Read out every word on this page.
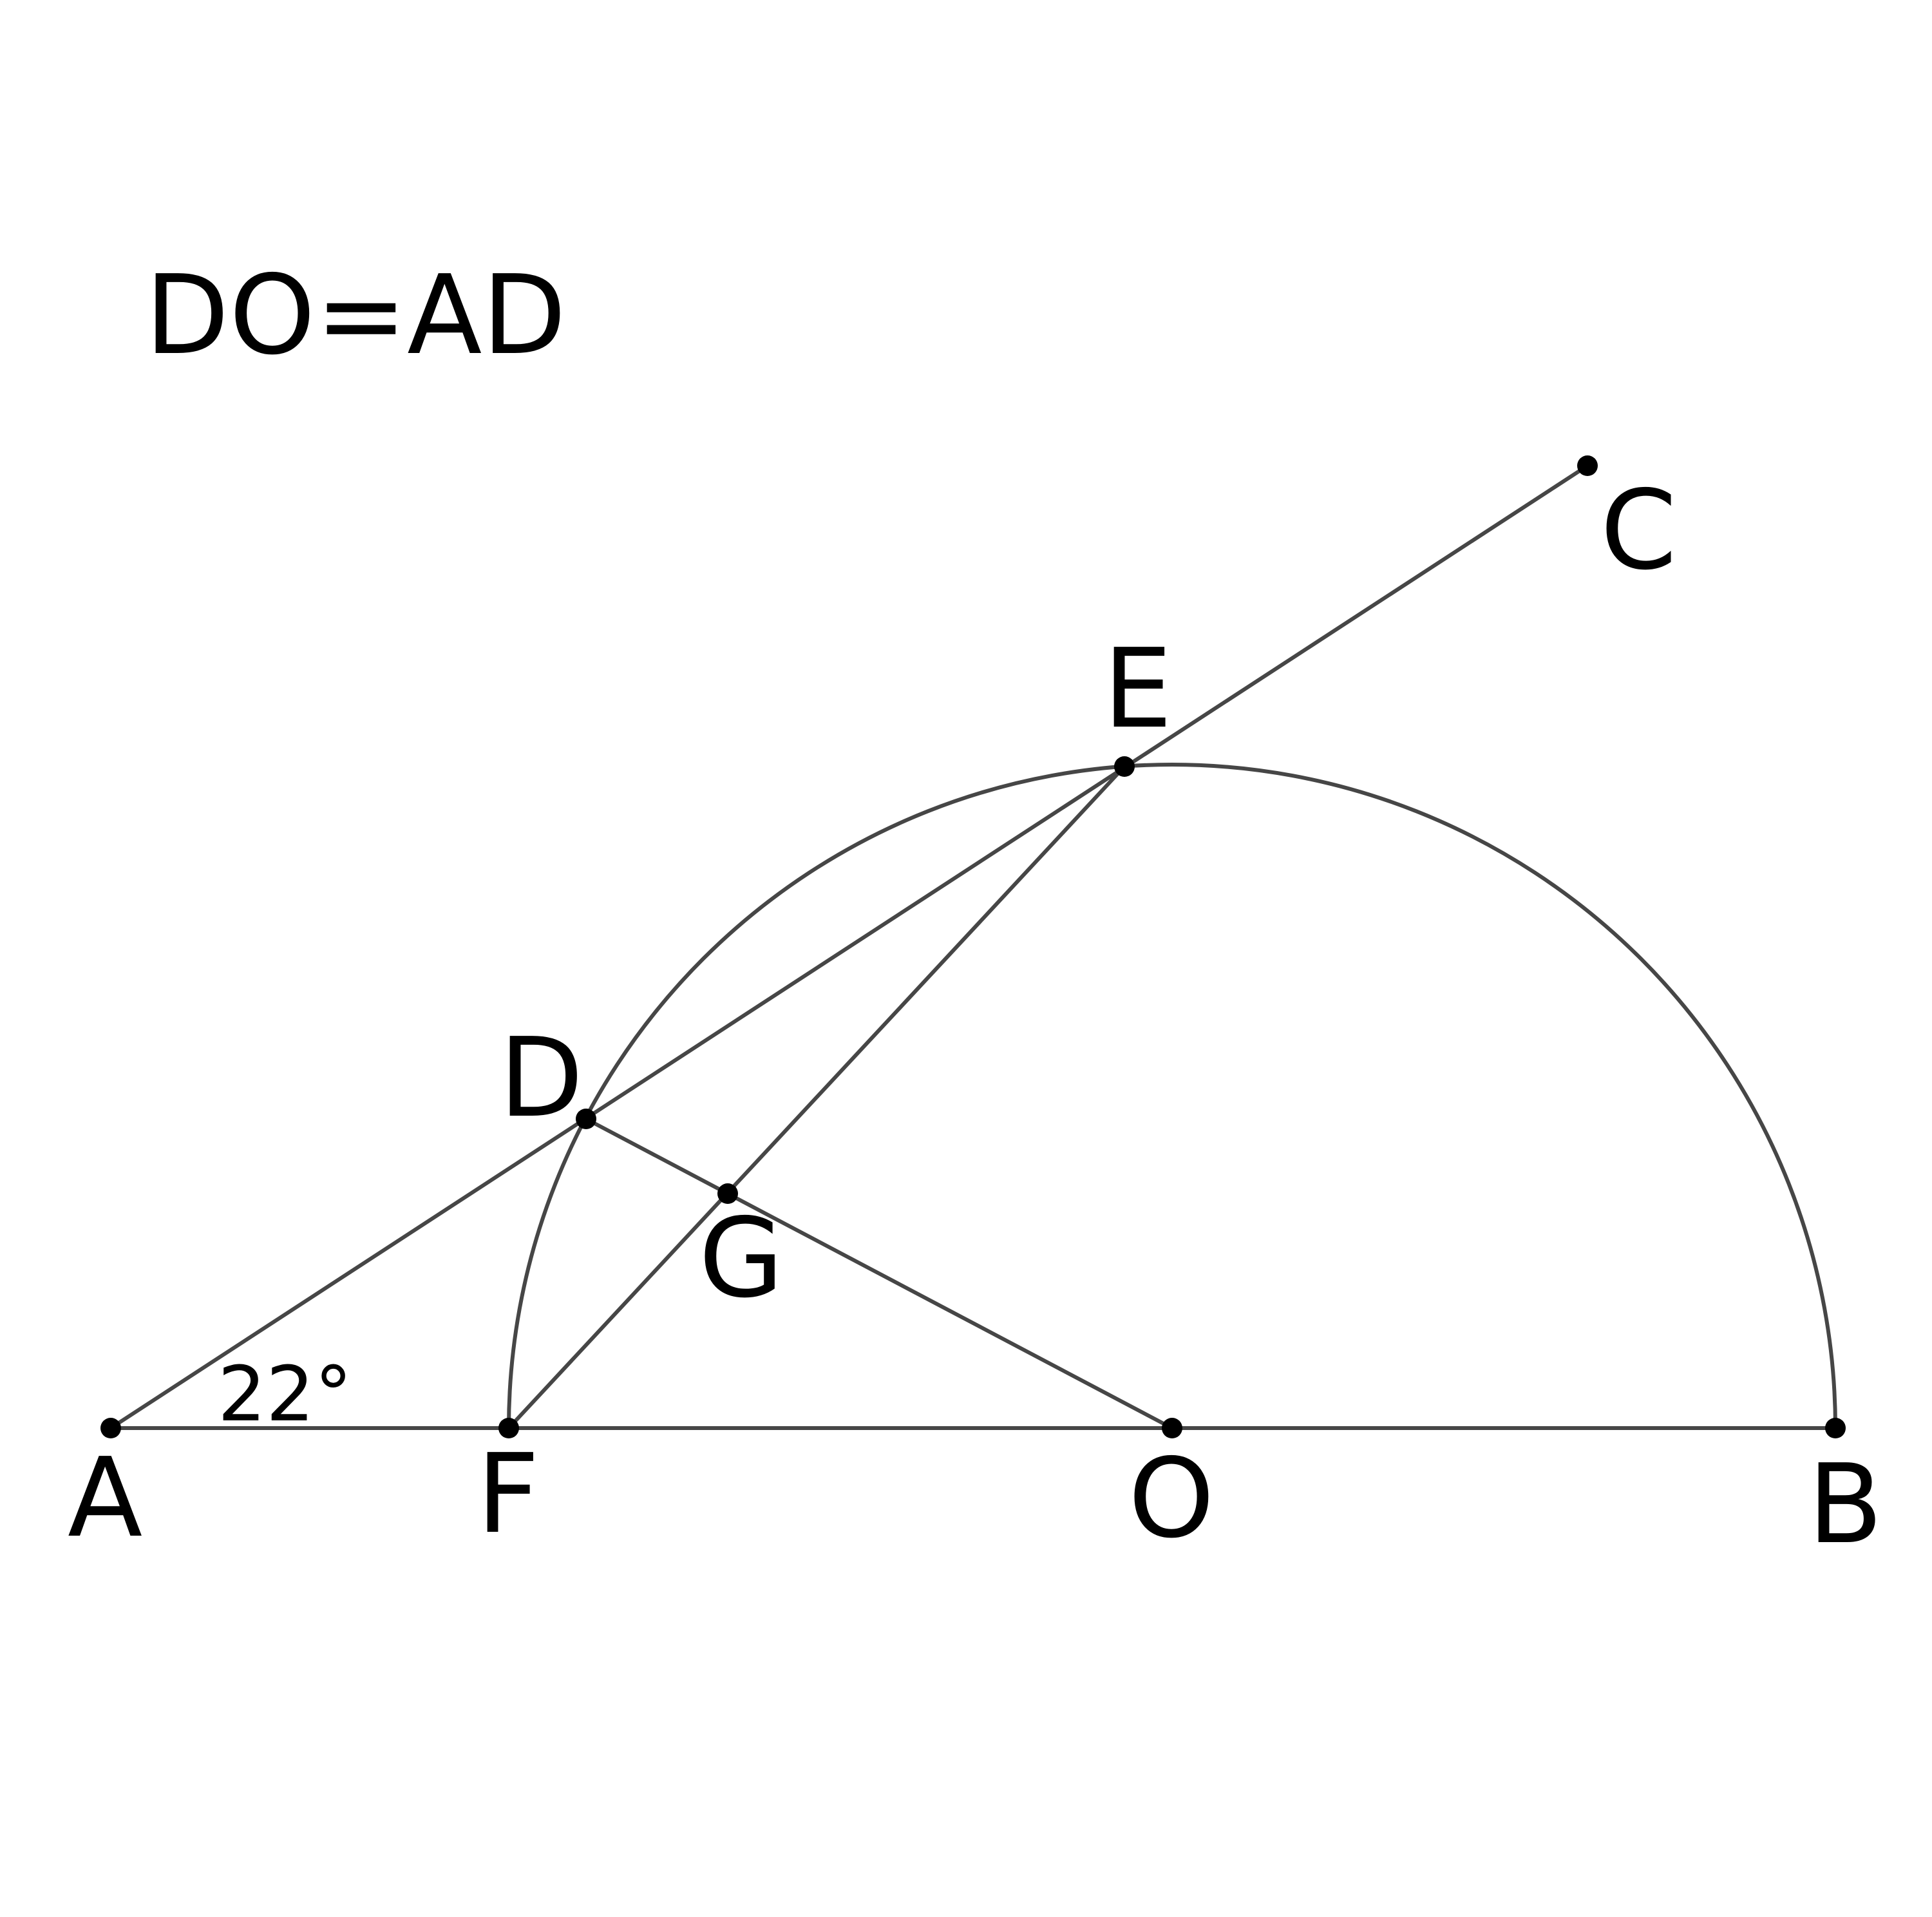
DO=AD
22°
A	F	O	B
D
G
E
C
